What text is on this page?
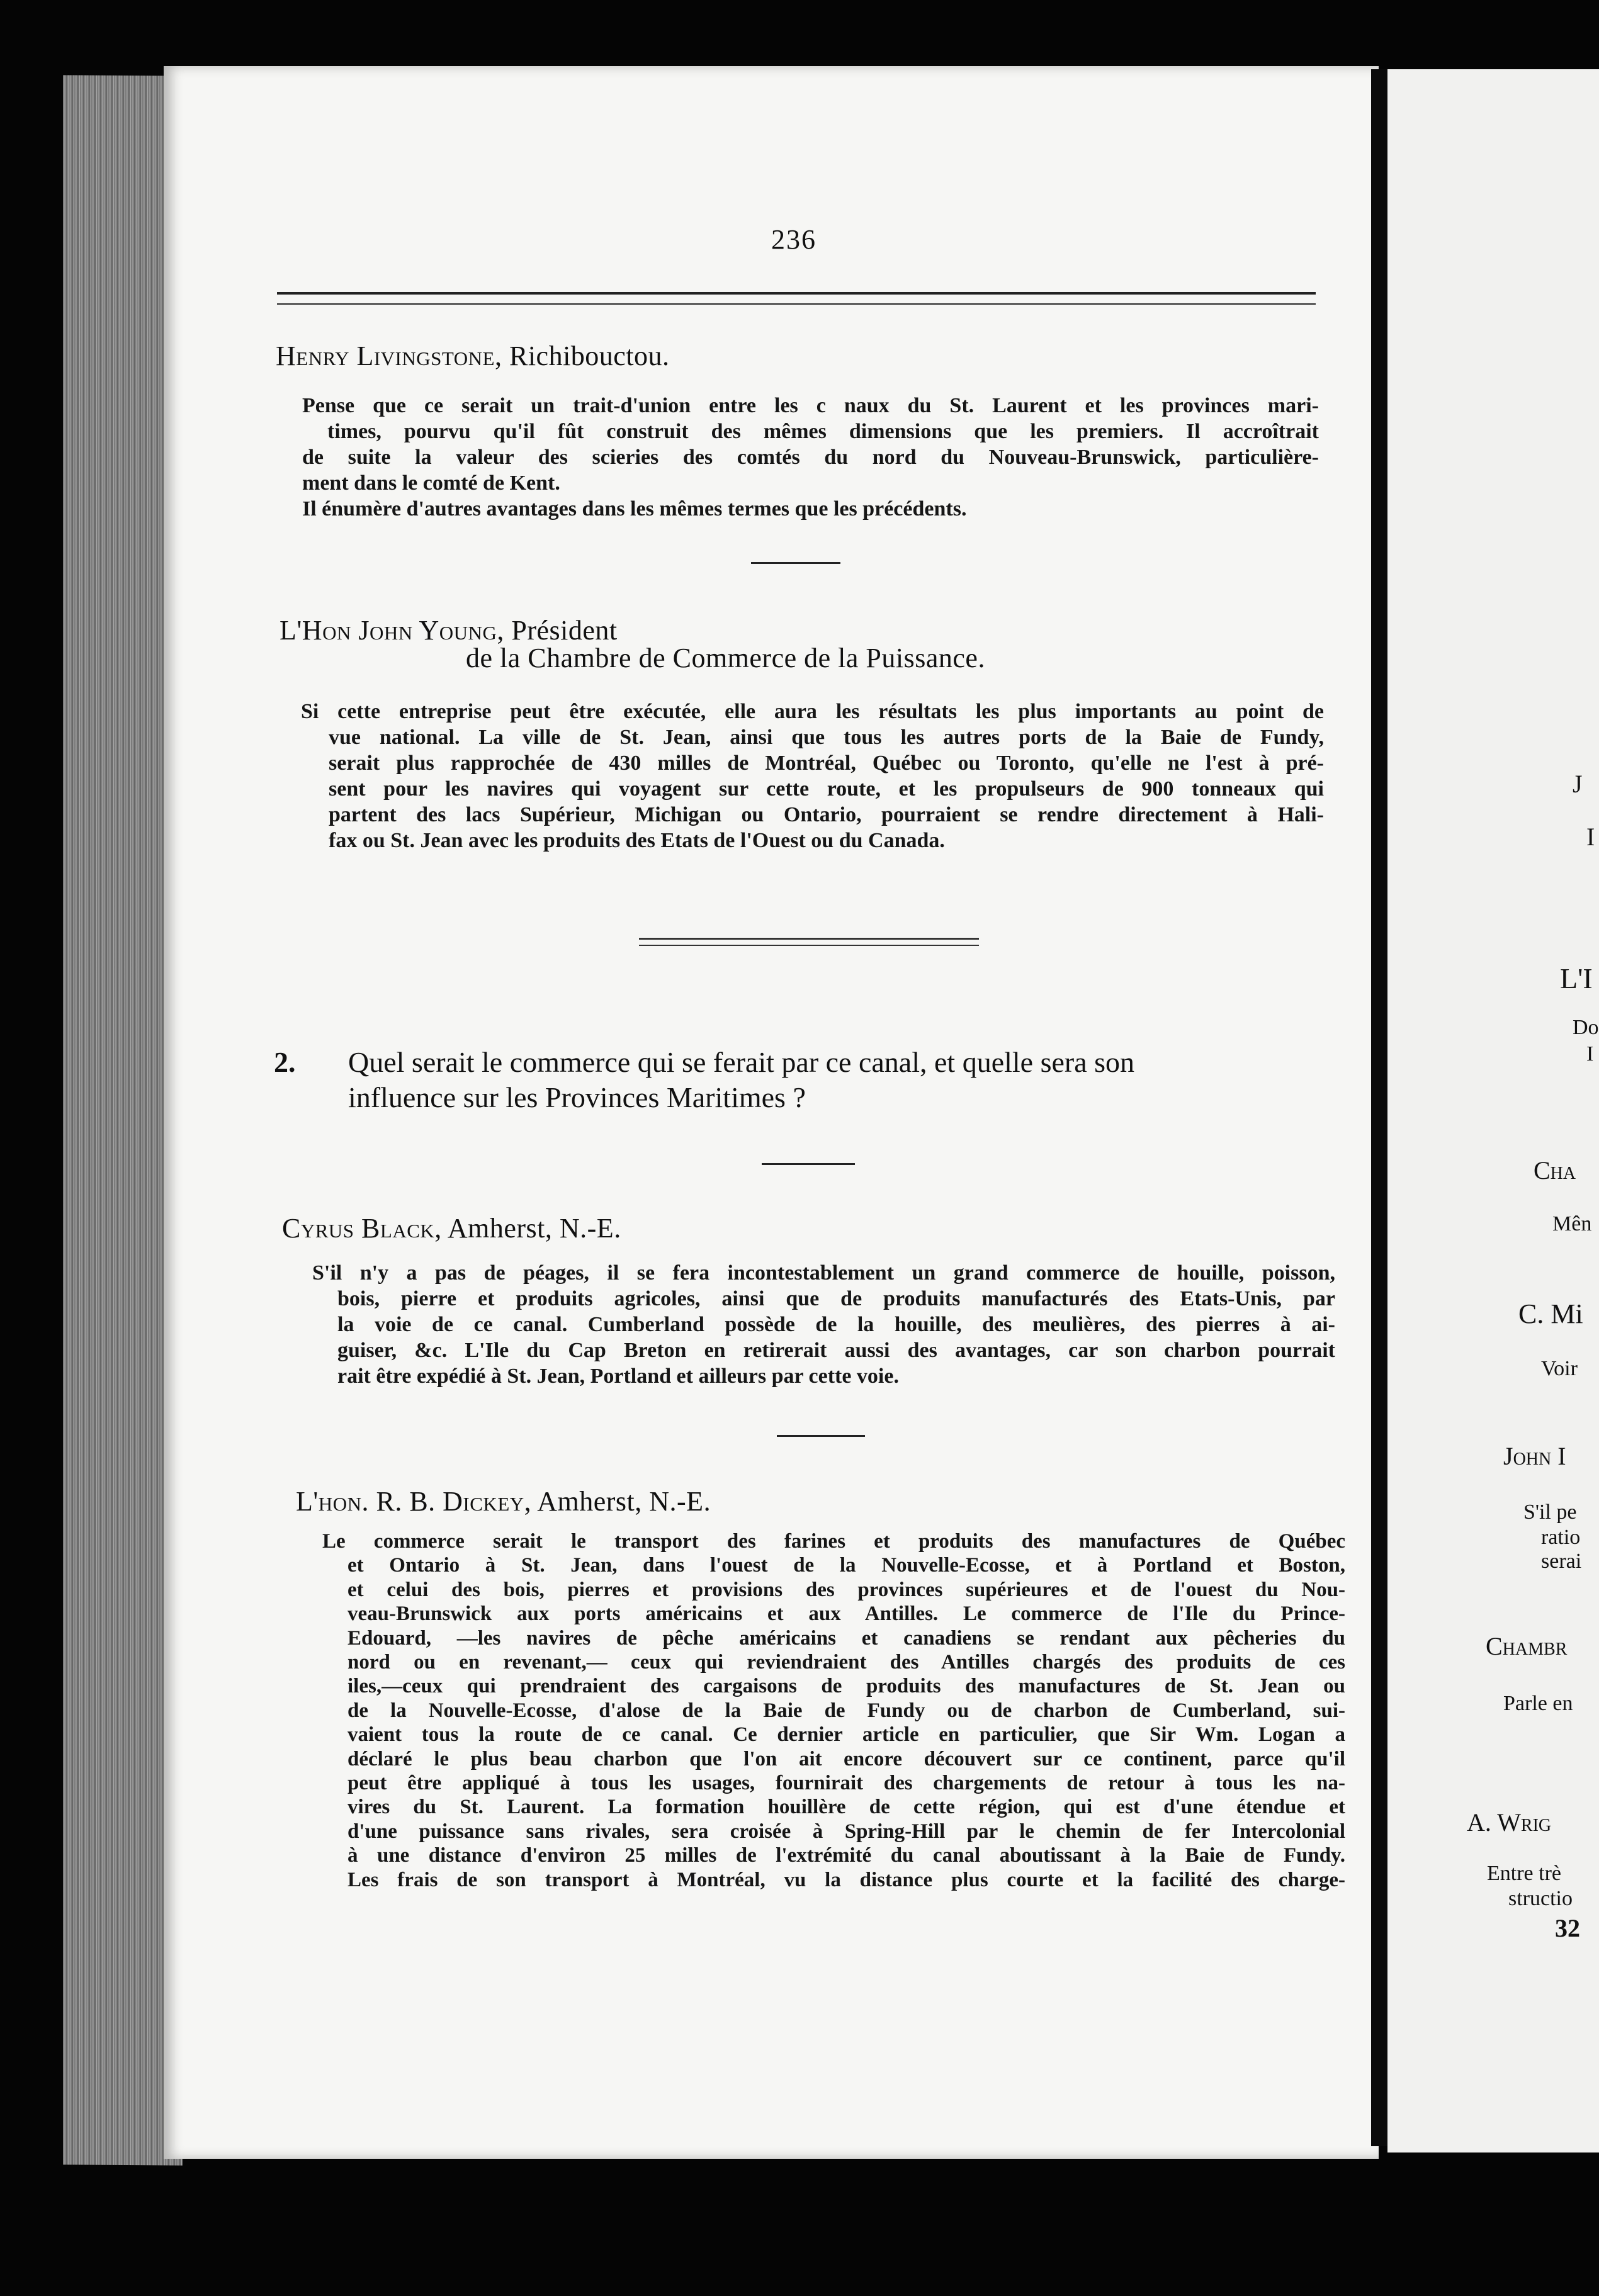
J
I
L'I
Do
I
Cha
Mên
C. Mi
Voir
John I
S'il pe
ratio
serai
Chambr
Parle en
A. Wrig
Entre trè
structio
32
236
Henry Livingstone, Richibouctou.
Pense que ce serait un trait-d'union entre les c naux du St. Laurent et les provinces mari-
times, pourvu qu'il fût construit des mêmes dimensions que les premiers. Il accroîtrait
de suite la valeur des scieries des comtés du nord du Nouveau-Brunswick, particulière-
ment dans le comté de Kent.
Il énumère d'autres avantages dans les mêmes termes que les précédents.
L'Hon John Young, Président
de la Chambre de Commerce de la Puissance.
Si cette entreprise peut être exécutée, elle aura les résultats les plus importants au point de
vue national. La ville de St. Jean, ainsi que tous les autres ports de la Baie de Fundy,
serait plus rapprochée de 430 milles de Montréal, Québec ou Toronto, qu'elle ne l'est à pré-
sent pour les navires qui voyagent sur cette route, et les propulseurs de 900 tonneaux qui
partent des lacs Supérieur, Michigan ou Ontario, pourraient se rendre directement à Hali-
fax ou St. Jean avec les produits des Etats de l'Ouest ou du Canada.
2. Quel serait le commerce qui se ferait par ce canal, et quelle sera son
influence sur les Provinces Maritimes ?
Cyrus Black, Amherst, N.-E.
S'il n'y a pas de péages, il se fera incontestablement un grand commerce de houille, poisson,
bois, pierre et produits agricoles, ainsi que de produits manufacturés des Etats-Unis, par
la voie de ce canal. Cumberland possède de la houille, des meulières, des pierres à ai-
guiser, &c. L'Ile du Cap Breton en retirerait aussi des avantages, car son charbon pourrait
rait être expédié à St. Jean, Portland et ailleurs par cette voie.
L'hon. R. B. Dickey, Amherst, N.-E.
Le commerce serait le transport des farines et produits des manufactures de Québec
et Ontario à St. Jean, dans l'ouest de la Nouvelle-Ecosse, et à Portland et Boston,
et celui des bois, pierres et provisions des provinces supérieures et de l'ouest du Nou-
veau-Brunswick aux ports américains et aux Antilles. Le commerce de l'Ile du Prince-
Edouard, —les navires de pêche américains et canadiens se rendant aux pêcheries du
nord ou en revenant,— ceux qui reviendraient des Antilles chargés des produits de ces
iles,—ceux qui prendraient des cargaisons de produits des manufactures de St. Jean ou
de la Nouvelle-Ecosse, d'alose de la Baie de Fundy ou de charbon de Cumberland, sui-
vaient tous la route de ce canal. Ce dernier article en particulier, que Sir Wm. Logan a
déclaré le plus beau charbon que l'on ait encore découvert sur ce continent, parce qu'il
peut être appliqué à tous les usages, fournirait des chargements de retour à tous les na-
vires du St. Laurent. La formation houillère de cette région, qui est d'une étendue et
d'une puissance sans rivales, sera croisée à Spring-Hill par le chemin de fer Intercolonial
à une distance d'environ 25 milles de l'extrémité du canal aboutissant à la Baie de Fundy.
Les frais de son transport à Montréal, vu la distance plus courte et la facilité des charge-
